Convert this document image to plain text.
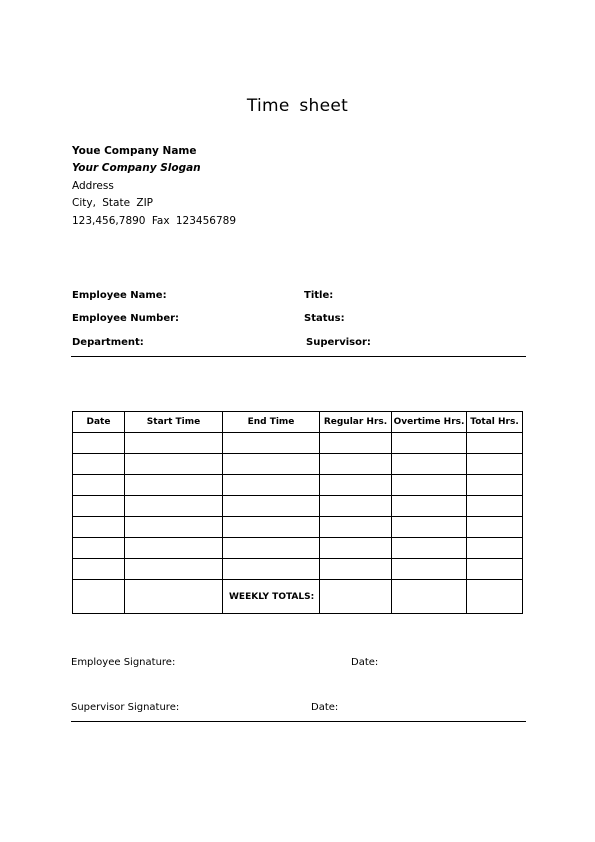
Time sheet
Youe Company Name
Your Company Slogan
Address
City, State ZIP
123,456,7890 Fax 123456789
Employee Name:	Title:
Employee Number:	Status:
Department:	Supervisor:
Date	Start Time	End Time	Regular Hrs.	Overtime Hrs.	Total Hrs.

		WEEKLY TOTALS:			
Employee Signature:	Date:
Supervisor Signature:	Date:
